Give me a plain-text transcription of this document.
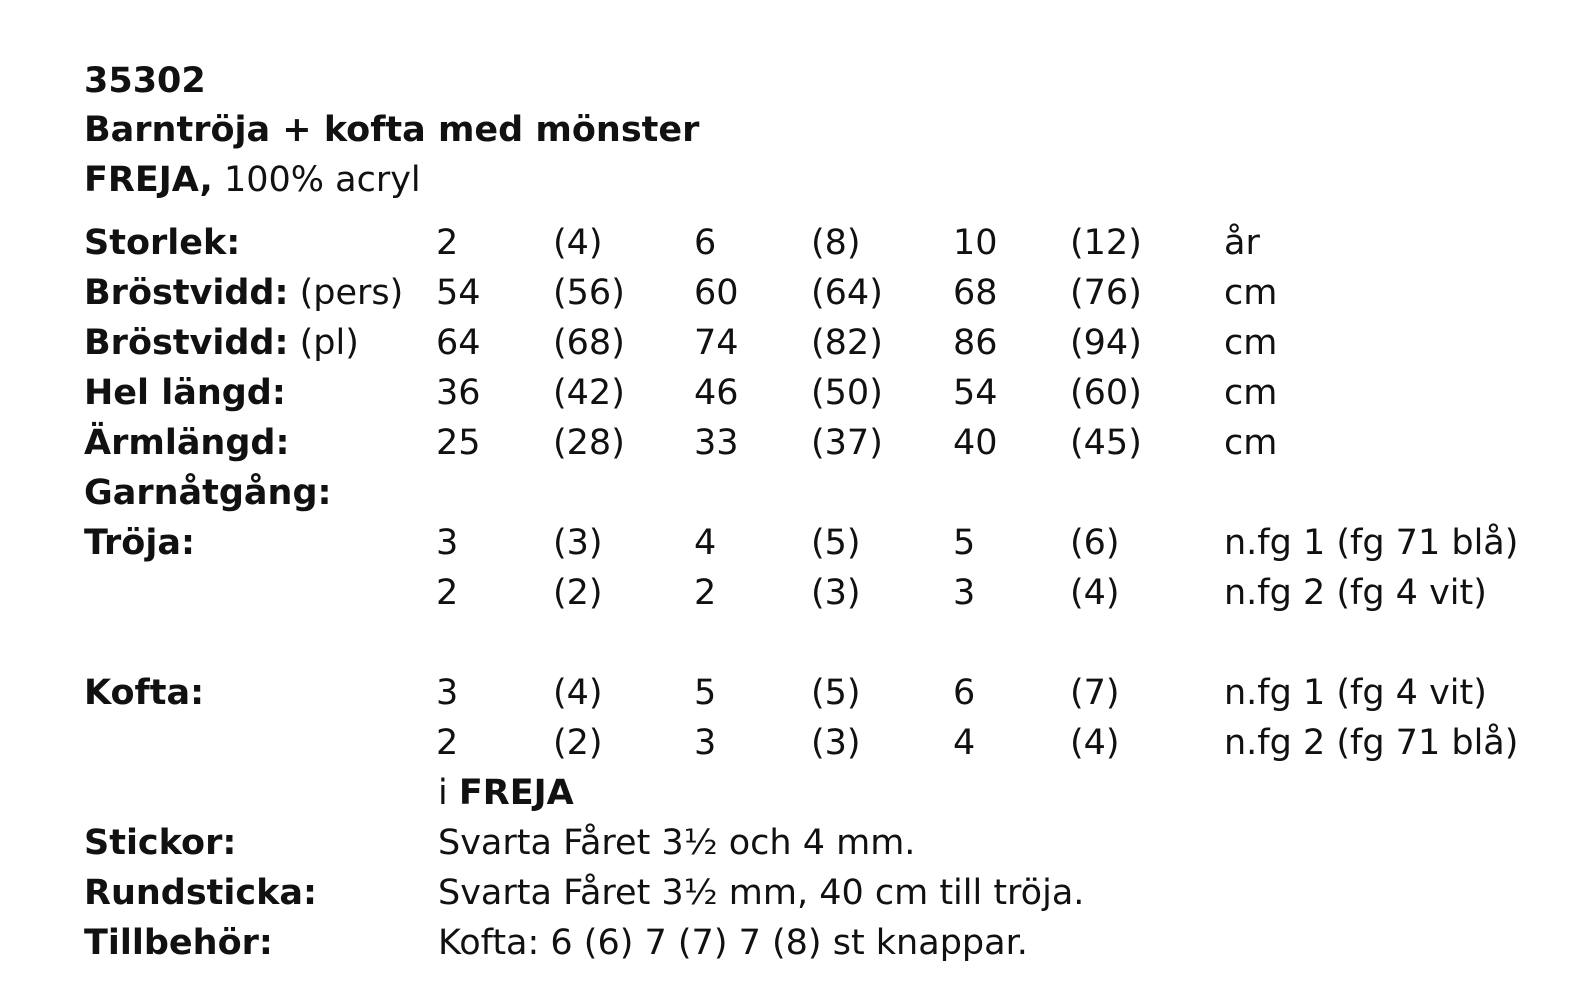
35302
Barntröja + kofta med mönster
FREJA, 100% acryl
Storlek:	2	(4)	6	(8)	10 (12) år
Bröstvidd: (pers) 54 (56) 60 (64) 68 (76) cm
Bröstvidd: (pl) 64 (68) 74 (82) 86 (94) cm
Hel längd:	36 (42) 46 (50) 54 (60) cm
Ärmlängd:	25 (28) 33 (37) 40 (45) cm
Garnåtgång:
Tröja:	3	(3)	4	(5)	5	(6)	n.fg 1 (fg 71 blå)
2	(2)	2	(3)	3	(4)	n.fg 2 (fg 4 vit)
Kofta:	3	(4)	5	(5)	6	(7)	n.fg 1 (fg 4 vit)
2	(2)	3	(3)	4	(4)	n.fg 2 (fg 71 blå)
i FREJA
Stickor:	Svarta Fåret 3½ och 4 mm.
Rundsticka:	Svarta Fåret 3½ mm, 40 cm till tröja.
Tillbehör:	Kofta: 6 (6) 7 (7) 7 (8) st knappar.
